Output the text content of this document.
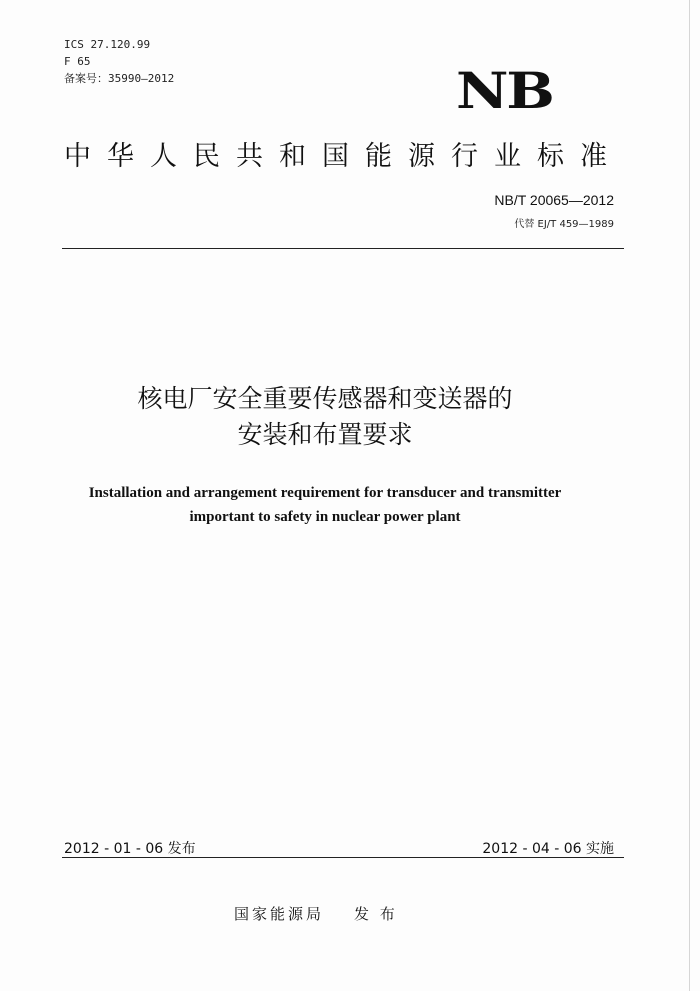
ICS 27.120.99
F 65
备案号：35990—2012	NB
中华人民共和国能源行业标准
NB/T 20065—2012
代替 EJ/T 459—1989
核电厂安全重要传感器和变送器的
安装和布置要求
Installation and arrangement requirement for transducer and transmitter
important to safety in nuclear power plant
2012 - 01 - 06 发布	2012 - 04 - 06 实施
国家能源局 发 布
